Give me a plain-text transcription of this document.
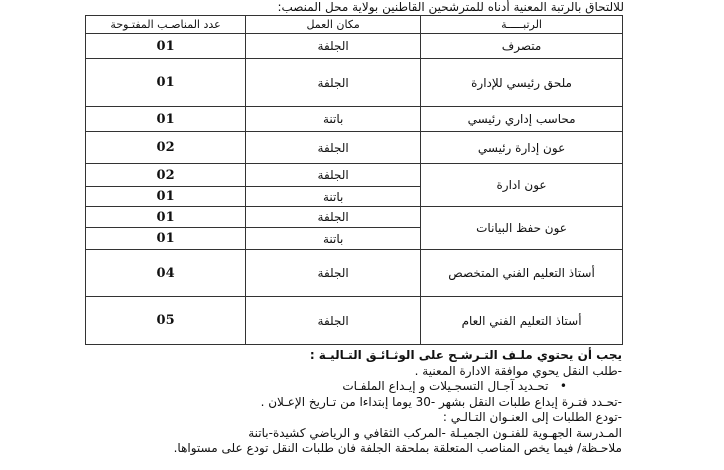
للالتحاق بالرتبة المعنية أدناه للمترشحين القاطنين بولاية محل المنصب:
الرتبـــــة	مكان العمل	عدد المناصـب المفتـوحة
متصرف	الجلفة	01
ملحق رئيسي للإدارة	الجلفة	01
محاسب إداري رئيسي	باتنة	01
عون إدارة رئيسي	الجلفة	02
عون ادارة	الجلفة	02
	باتنة	01
عون حفظ البيانات	الجلفة	01
	باتنة	01
أستاذ التعليم الفني المتخصص	الجلفة	04
أستاذ التعليم الفني العام	الجلفة	05
يجب أن يحتوي ملـف التـرشـح على الوثـائـق التـاليـة :
-طلب النقل يحوي موافقة الادارة المعنية .
•   تحـديد آجـال التسجـيلات و إيـداع الملفـات
-تحـدد فتـرة إيداع طلبات النقل بشهر -30 يوما إبتداءا من تـاريخ الإعـلان .
-تودع الطلبات إلى العنـوان التـالـي :
المـدرسة الجهـوية للفنـون الجميـلة -المركب الثقافي و الرياضي كشيدة-باتنة
ملاحـظة/ فيما يخص المناصب المتعلقة بملحقة الجلفة فان طلبات النقل تودع على مستواها.
